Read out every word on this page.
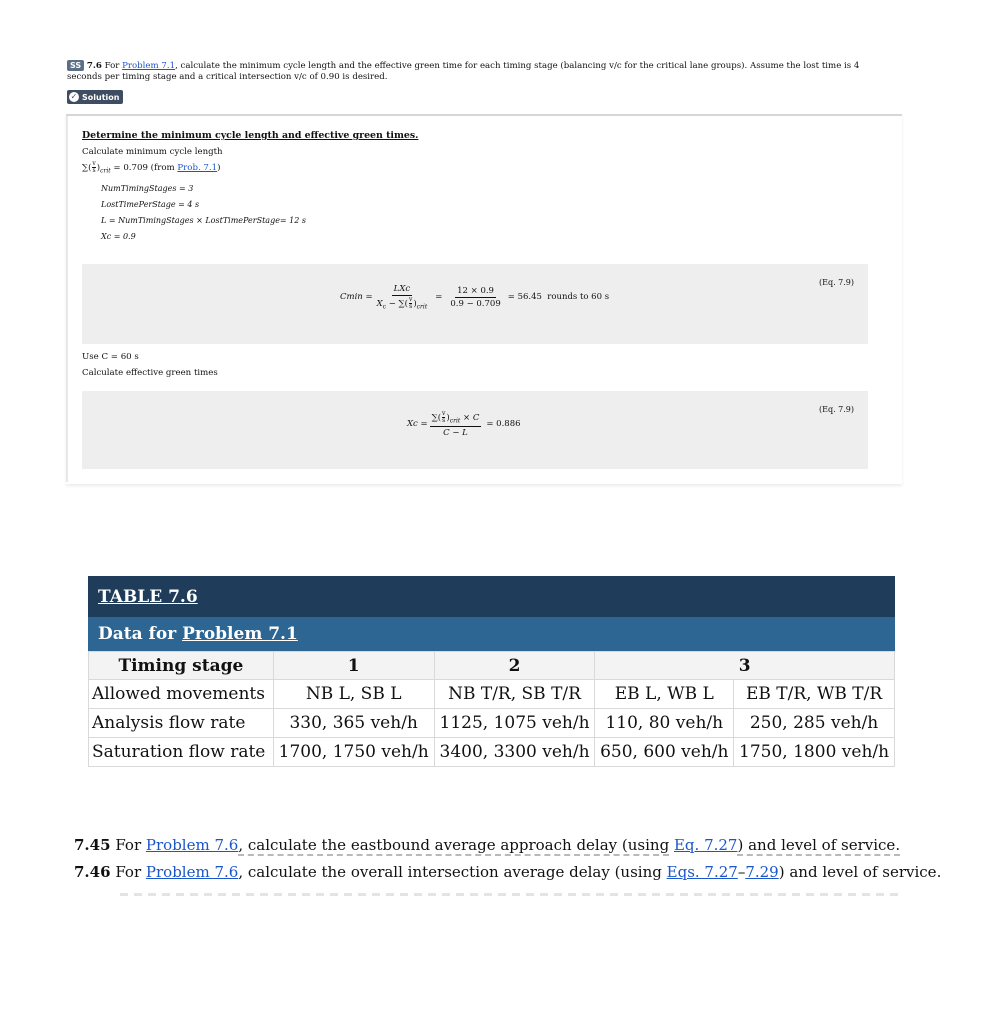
SS 7.6 For Problem 7.1, calculate the minimum cycle length and the effective green time for each timing stage (balancing v/c for the critical lane groups). Assume the lost time is 4 seconds per timing stage and a critical intersection v/c of 0.90 is desired.
✓ Solution
Determine the minimum cycle length and effective green times.
Calculate minimum cycle length
∑( $\frac{v}{s} )_{crit} = 0.709$ (from Prob. 7.1)
NumTimingStages = 3
LostTimePerStage = 4 s
L = NumTimingStages × LostTimePerStage= 12 s
Xc = 0.9
(Eq. 7.9)
$Cmin = \frac{\text{LXc}}{X_c - \sum( \frac{v}{s} )_{crit}} = \frac{12 \times 0.9}{0.9 - 0.709} = 56.45$  rounds to 60 s
Use C = 60 s
Calculate effective green times
(Eq. 7.9)
$Xc = \frac{\sum( \frac{v}{s} )_{crit} \times C}{C - L} = 0.886$
TABLE 7.6
Data for
Problem 7.1
Timing stage	1	2	3	
Allowed movements	NB L, SB L	NB T/R, SB T/R	EB L, WB L	EB T/R, WB T/R
Analysis flow rate	330, 365 veh/h	1125, 1075 veh/h	110, 80 veh/h	250, 285 veh/h
Saturation flow rate	1700, 1750 veh/h	3400, 3300 veh/h	650, 600 veh/h	1750, 1800 veh/h
7.45 For Problem 7.6, calculate the eastbound average approach delay (using Eq. 7.27) and level of service.
7.46 For Problem 7.6, calculate the overall intersection average delay (using Eqs. 7.27–7.29) and level of service.
